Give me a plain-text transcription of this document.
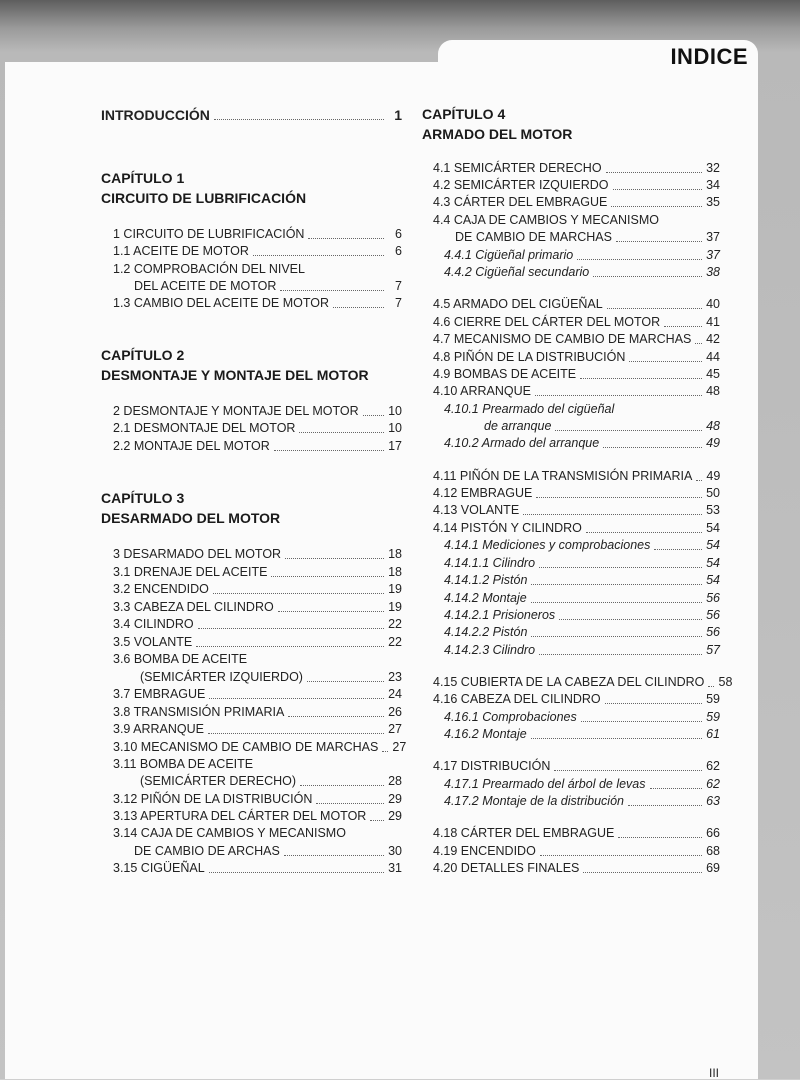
INDICE
INTRODUCCIÓN	1
CAPÍTULO 1
CIRCUITO DE LUBRIFICACIÓN
1 CIRCUITO DE LUBRIFICACIÓN	6
1.1 ACEITE DE MOTOR	6
1.2 COMPROBACIÓN DEL NIVEL
DEL ACEITE DE MOTOR	7
1.3 CAMBIO DEL ACEITE DE MOTOR	7
CAPÍTULO 2
DESMONTAJE Y MONTAJE DEL MOTOR
2 DESMONTAJE Y MONTAJE DEL MOTOR 10
2.1 DESMONTAJE DEL MOTOR	10
2.2 MONTAJE DEL MOTOR	17
CAPÍTULO 3
DESARMADO DEL MOTOR
3 DESARMADO DEL MOTOR	18
3.1 DRENAJE DEL ACEITE	18
3.2 ENCENDIDO	19
3.3 CABEZA DEL CILINDRO	19
3.4 CILINDRO	22
3.5 VOLANTE	22
3.6 BOMBA DE ACEITE
(SEMICÁRTER IZQUIERDO)	23
3.7 EMBRAGUE	24
3.8 TRANSMISIÓN PRIMARIA	26
3.9 ARRANQUE	27
3.10 MECANISMO DE CAMBIO DE MARCHAS 27
3.11 BOMBA DE ACEITE
(SEMICÁRTER DERECHO)	28
3.12 PIÑÓN DE LA DISTRIBUCIÓN	29
3.13 APERTURA DEL CÁRTER DEL MOTOR 29
3.14 CAJA DE CAMBIOS Y MECANISMO
DE CAMBIO DE ARCHAS	30
3.15 CIGÜEÑAL	31
CAPÍTULO 4
ARMADO DEL MOTOR
4.1 SEMICÁRTER DERECHO	32
4.2 SEMICÁRTER IZQUIERDO	34
4.3 CÁRTER DEL EMBRAGUE	35
4.4 CAJA DE CAMBIOS Y MECANISMO
DE CAMBIO DE MARCHAS	37
4.4.1 Cigüeñal primario	37
4.4.2 Cigüeñal secundario	38
4.5 ARMADO DEL CIGÜEÑAL	40
4.6 CIERRE DEL CÁRTER DEL MOTOR	41
4.7 MECANISMO DE CAMBIO DE MARCHAS 42
4.8 PIÑÓN DE LA DISTRIBUCIÓN	44
4.9 BOMBAS DE ACEITE	45
4.10 ARRANQUE	48
4.10.1 Prearmado del cigüeñal
de arranque	48
4.10.2 Armado del arranque	49
4.11 PIÑÓN DE LA TRANSMISIÓN PRIMARIA 49
4.12 EMBRAGUE	50
4.13 VOLANTE	53
4.14 PISTÓN Y CILINDRO	54
4.14.1 Mediciones y comprobaciones	54
4.14.1.1 Cilindro	54
4.14.1.2 Pistón	54
4.14.2 Montaje	56
4.14.2.1 Prisioneros	56
4.14.2.2 Pistón	56
4.14.2.3 Cilindro	57
4.15 CUBIERTA DE LA CABEZA DEL CILINDRO 58
4.16 CABEZA DEL CILINDRO	59
4.16.1 Comprobaciones	59
4.16.2 Montaje	61
4.17 DISTRIBUCIÓN	62
4.17.1 Prearmado del árbol de levas	62
4.17.2 Montaje de la distribución	63
4.18 CÁRTER DEL EMBRAGUE	66
4.19 ENCENDIDO	68
4.20 DETALLES FINALES	69
III
